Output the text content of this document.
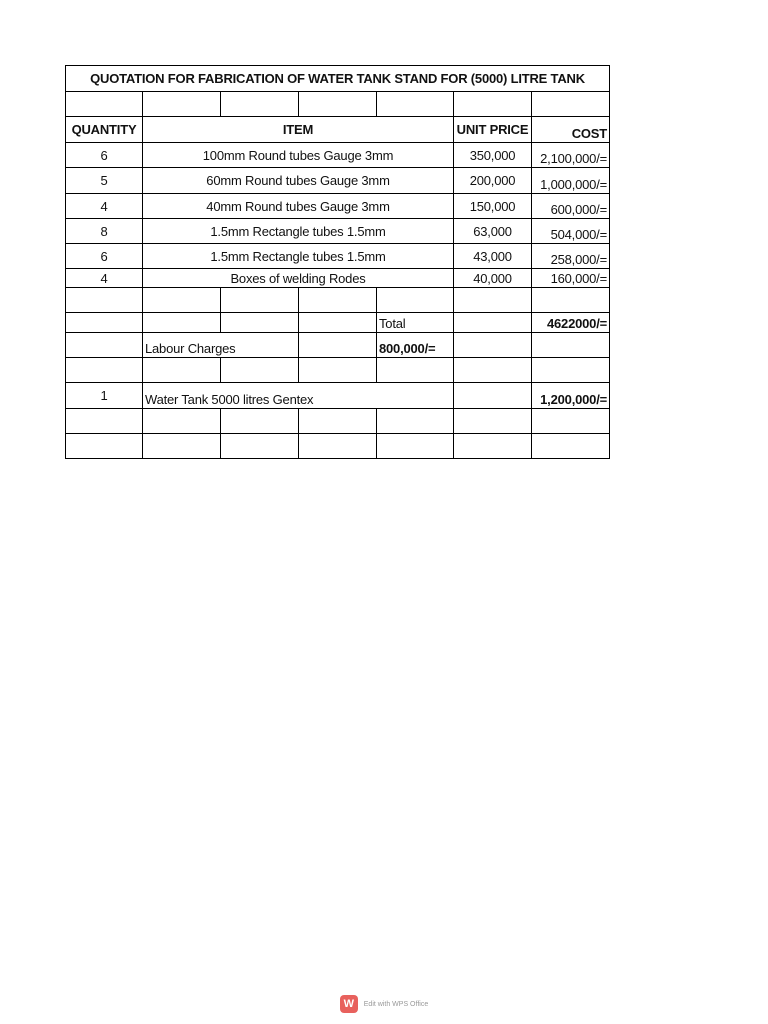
QUOTATION FOR FABRICATION OF WATER TANK STAND FOR (5000) LITRE TANK						

QUANTITY	ITEM				UNIT PRICE	COST
6	100mm Round tubes Gauge 3mm				350,000	2,100,000/=
5	60mm Round tubes Gauge 3mm				200,000	1,000,000/=
4	40mm Round tubes Gauge 3mm				150,000	600,000/=
8	1.5mm Rectangle tubes 1.5mm				63,000	504,000/=
6	1.5mm Rectangle tubes 1.5mm				43,000	258,000/=
4	Boxes of welding Rodes				40,000	160,000/=

				Total		4622000/=
	Labour Charges			800,000/=		

1	Water Tank 5000 litres Gentex					1,200,000/=

W	Edit with WPS Office
